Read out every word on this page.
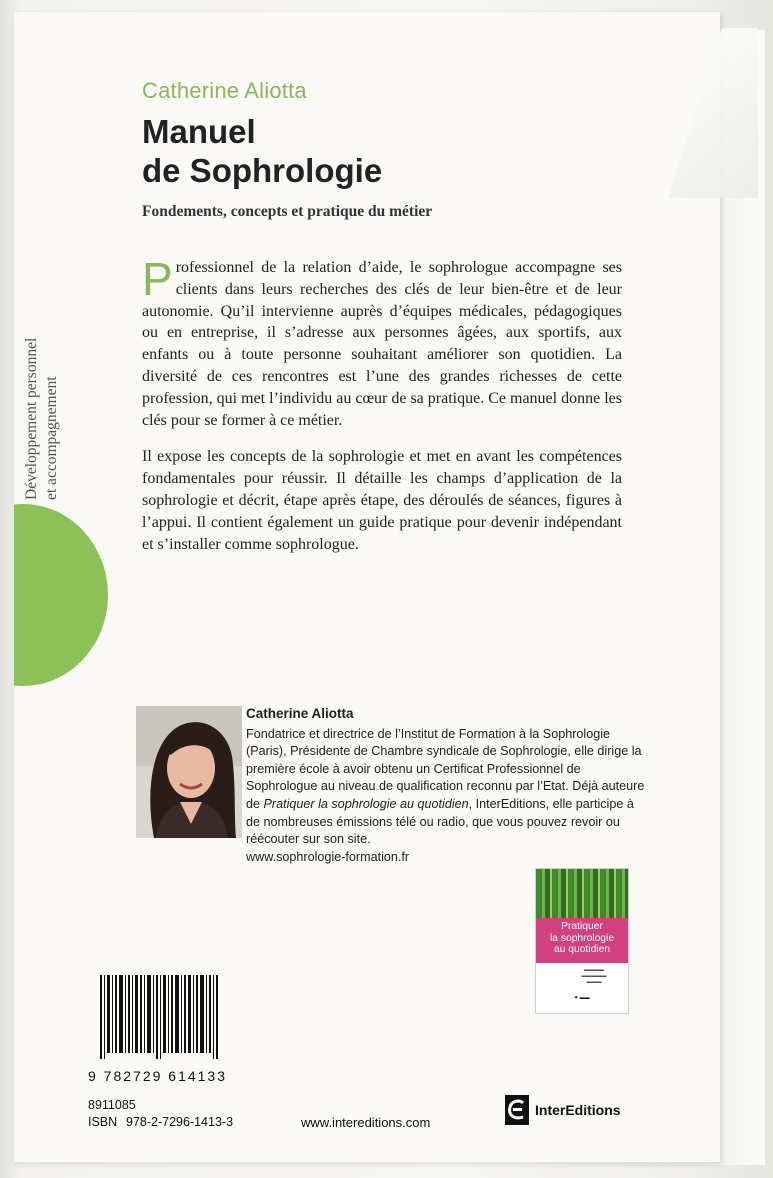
Développement personnel et accompagnement
Catherine Aliotta
Manuel
de Sophrologie
Fondements, concepts et pratique du métier

Professionnel de la relation d’aide, le sophrologue accompagne ses clients dans leurs recherches des clés de leur bien-être et de leur autonomie. Qu’il intervienne auprès d’équipes médicales, pédagogiques ou en entreprise, il s’adresse aux personnes âgées, aux sportifs, aux enfants ou à toute personne souhaitant améliorer son quotidien. La diversité de ces rencontres est l’une des grandes richesses de cette profession, qui met l’individu au cœur de sa pratique. Ce manuel donne les clés pour se former à ce métier.

Il expose les concepts de la sophrologie et met en avant les compétences fondamentales pour réussir. Il détaille les champs d’application de la sophrologie et décrit, étape après étape, des déroulés de séances, figures à l’appui. Il contient également un guide pratique pour devenir indépendant et s’installer comme sophrologue.

Catherine Aliotta
Fondatrice et directrice de l’Institut de Formation à la Sophrologie (Paris), Présidente de Chambre syndicale de Sophrologie, elle dirige la première école à avoir obtenu un Certificat Professionnel de Sophrologue au niveau de qualification reconnu par l’Etat. Déjà auteure de Pratiquer la sophrologie au quotidien, InterEditions, elle participe à de nombreuses émissions télé ou radio, que vous pouvez revoir ou réécouter sur son site.
www.sophrologie-formation.fr
Pratiquer
la sophrologie
au quotidien
▬▬▬▬
▬▬▬▬▬
▬▬▬
✦ ▬▬
9 782729 614133
8911085
ISBN 978-2-7296-1413-3	www.intereditions.com
InterEditions
